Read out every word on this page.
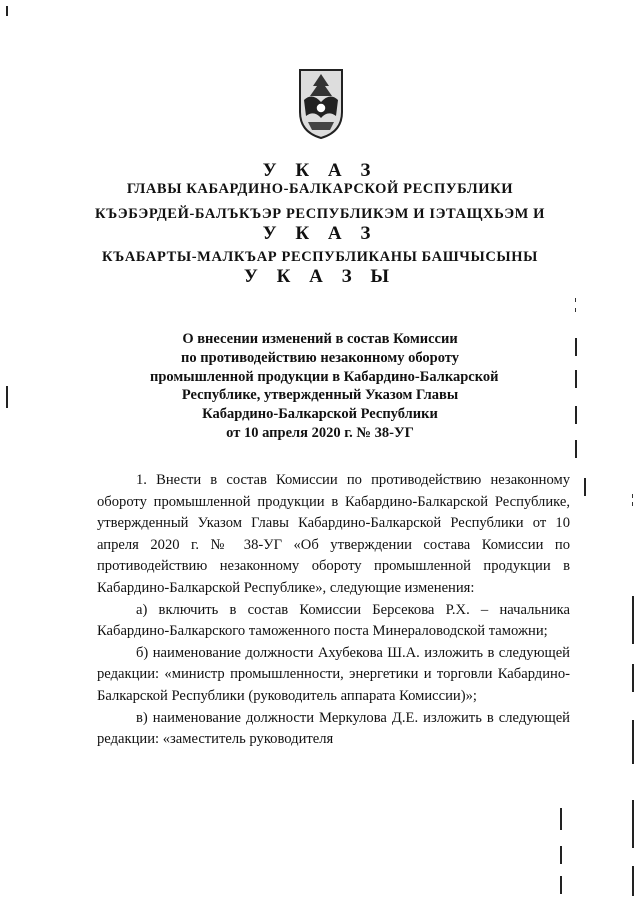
У К А З
ГЛАВЫ КАБАРДИНО-БАЛКАРСКОЙ РЕСПУБЛИКИ
КЪЭБЭРДЕЙ-БАЛЪКЪЭР РЕСПУБЛИКЭМ И ІЭТАЩХЬЭМ И
У К А З
КЪАБАРТЫ-МАЛКЪАР РЕСПУБЛИКАНЫ БАШЧЫСЫНЫ
У К А З Ы
О внесении изменений в состав Комиссии
по противодействию незаконному обороту
промышленной продукции в Кабардино-Балкарской
Республике, утвержденный Указом Главы
Кабардино-Балкарской Республики
от 10 апреля 2020 г. № 38-УГ

1. Внести в состав Комиссии по противодействию незаконному обороту промышленной продукции в Кабардино-Балкарской Республике, утвержденный Указом Главы Кабардино-Балкарской Республики от 10 апреля 2020 г. № 38-УГ «Об утверждении состава Комиссии по противодействию незаконному обороту промышленной продукции в Кабардино-Балкарской Республике», следующие изменения:

а) включить в состав Комиссии Берсекова Р.Х. – начальника Кабардино-Балкарского таможенного поста Минераловодской таможни;

б) наименование должности Ахубекова Ш.А. изложить в следующей редакции: «министр промышленности, энергетики и торговли Кабардино-Балкарской Республики (руководитель аппарата Комиссии)»;

в) наименование должности Меркулова Д.Е. изложить в следующей редакции: «заместитель руководителя
